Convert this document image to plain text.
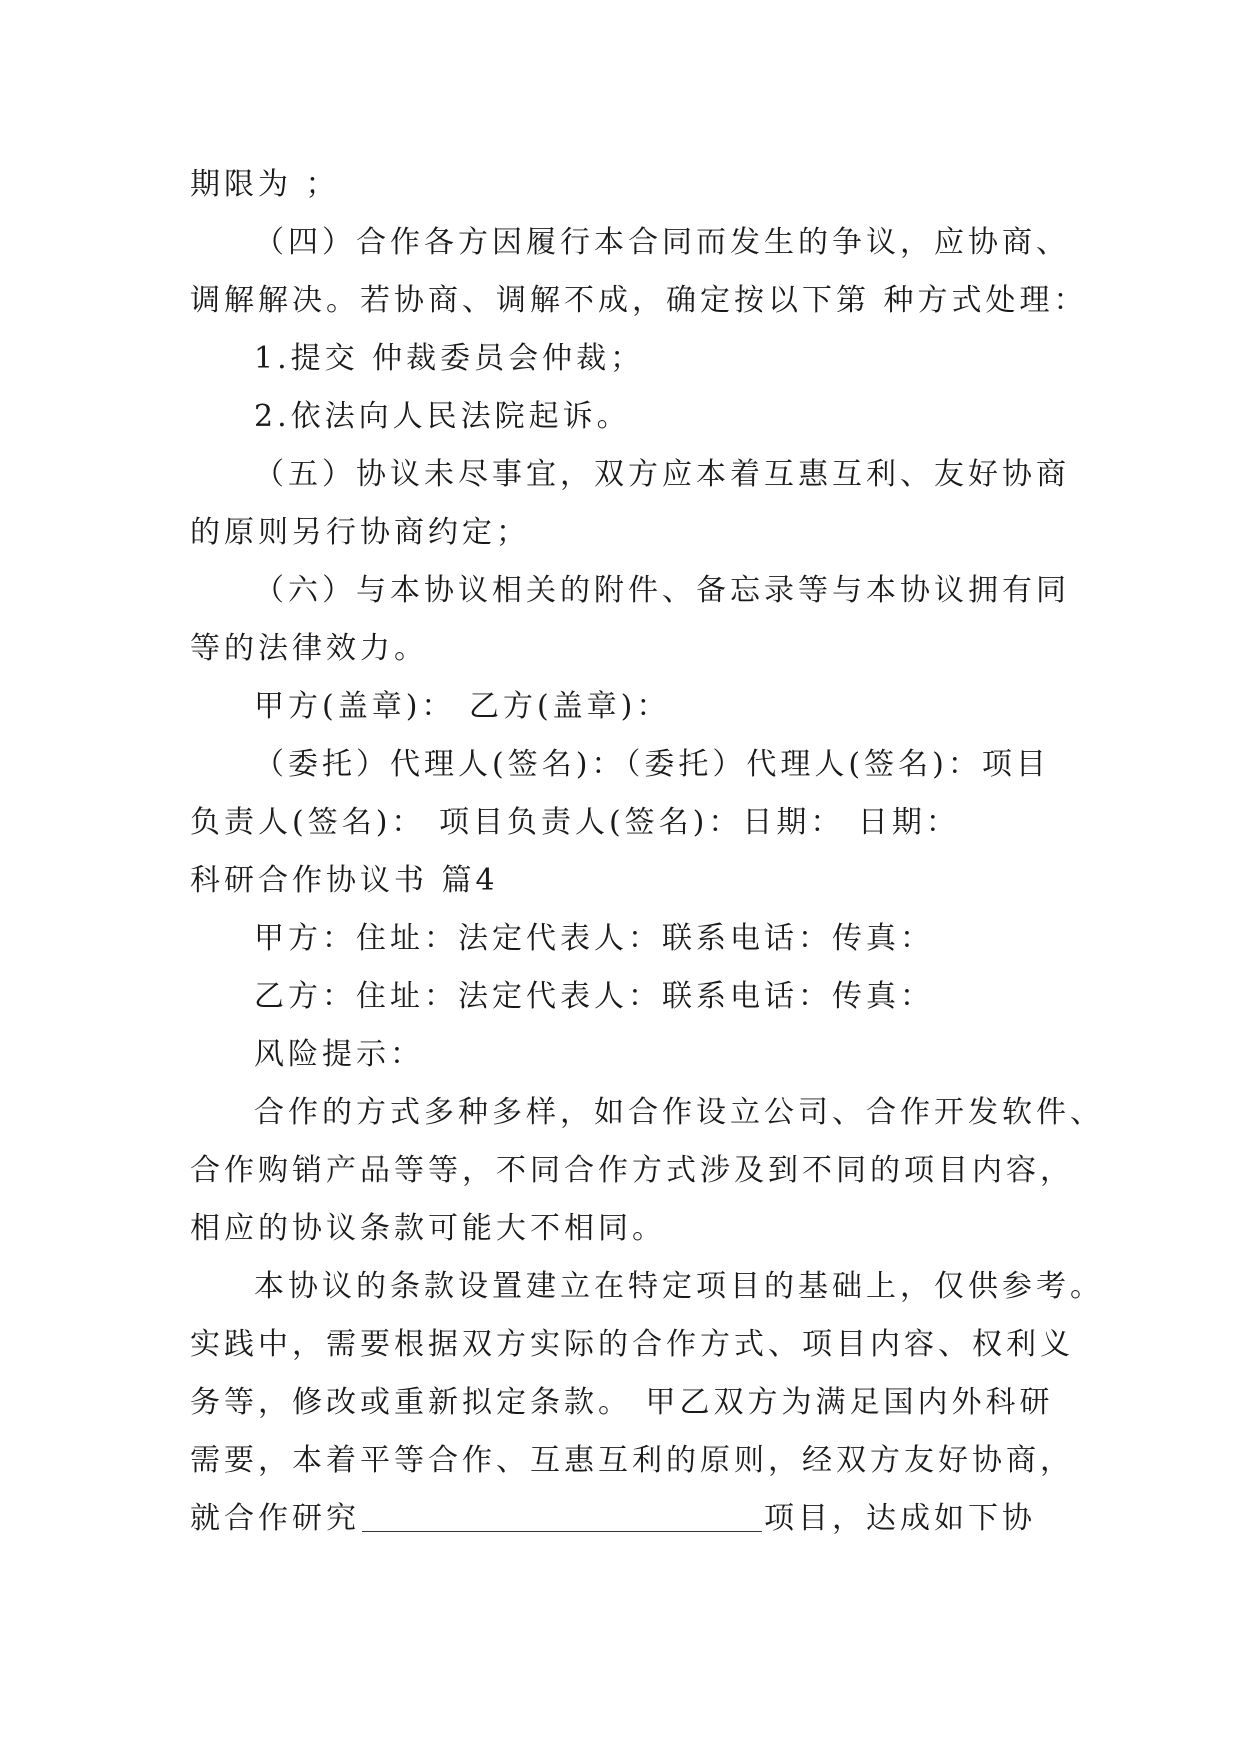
期限为 ；
（四）合作各方因履行本合同而发生的争议，应协商、
调解解决。若协商、调解不成，确定按以下第 种方式处理：
1.提交 仲裁委员会仲裁；
2.依法向人民法院起诉。
（五）协议未尽事宜，双方应本着互惠互利、友好协商
的原则另行协商约定；
（六）与本协议相关的附件、备忘录等与本协议拥有同
等的法律效力。
甲方(盖章)： 乙方(盖章)：
（委托）代理人(签名)：（委托）代理人(签名)：项目
负责人(签名)： 项目负责人(签名)：日期： 日期：
科研合作协议书 篇4
甲方：住址：法定代表人：联系电话：传真：
乙方：住址：法定代表人：联系电话：传真：
风险提示：
合作的方式多种多样，如合作设立公司、合作开发软件、
合作购销产品等等，不同合作方式涉及到不同的项目内容，
相应的协议条款可能大不相同。
本协议的条款设置建立在特定项目的基础上，仅供参考。
实践中，需要根据双方实际的合作方式、项目内容、权利义
务等，修改或重新拟定条款。 甲乙双方为满足国内外科研
需要，本着平等合作、互惠互利的原则，经双方友好协商，
就合作研究	项目，达成如下协
